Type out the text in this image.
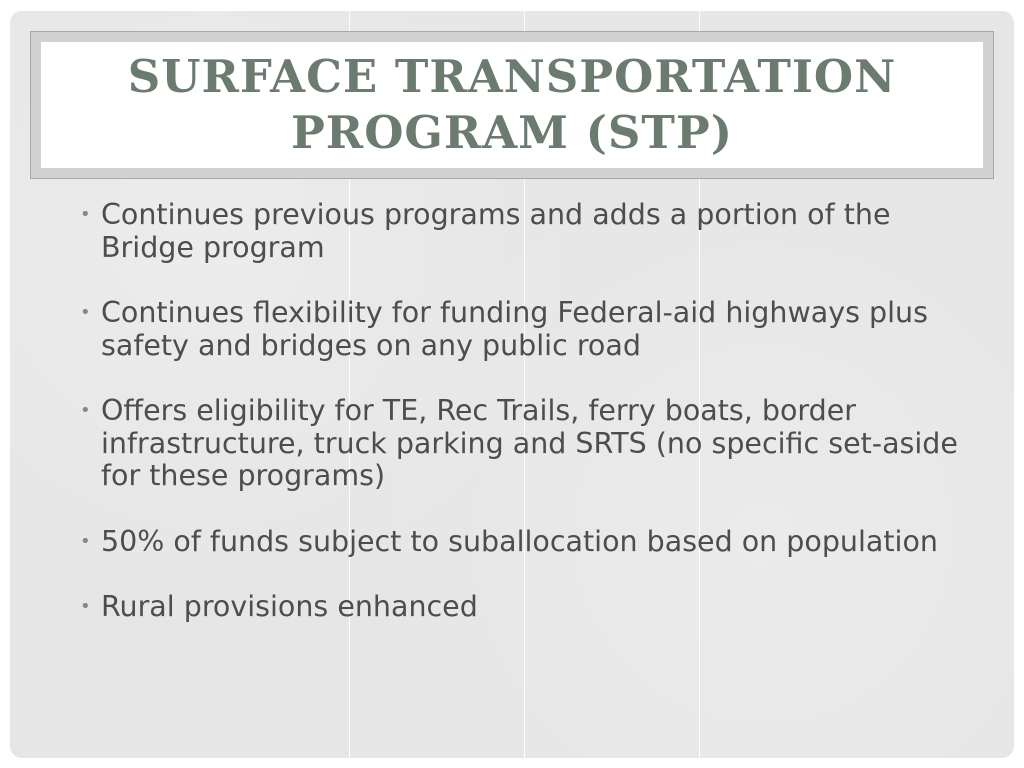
SURFACE TRANSPORTATION
PROGRAM (STP)
• Continues previous programs and adds a portion of the Bridge program
• Continues flexibility for funding Federal-aid highways plus safety and bridges on any public road
• Offers eligibility for TE, Rec Trails, ferry boats, border infrastructure, truck parking and SRTS (no specific set-aside for these programs)
• 50% of funds subject to suballocation based on population
• Rural provisions enhanced
